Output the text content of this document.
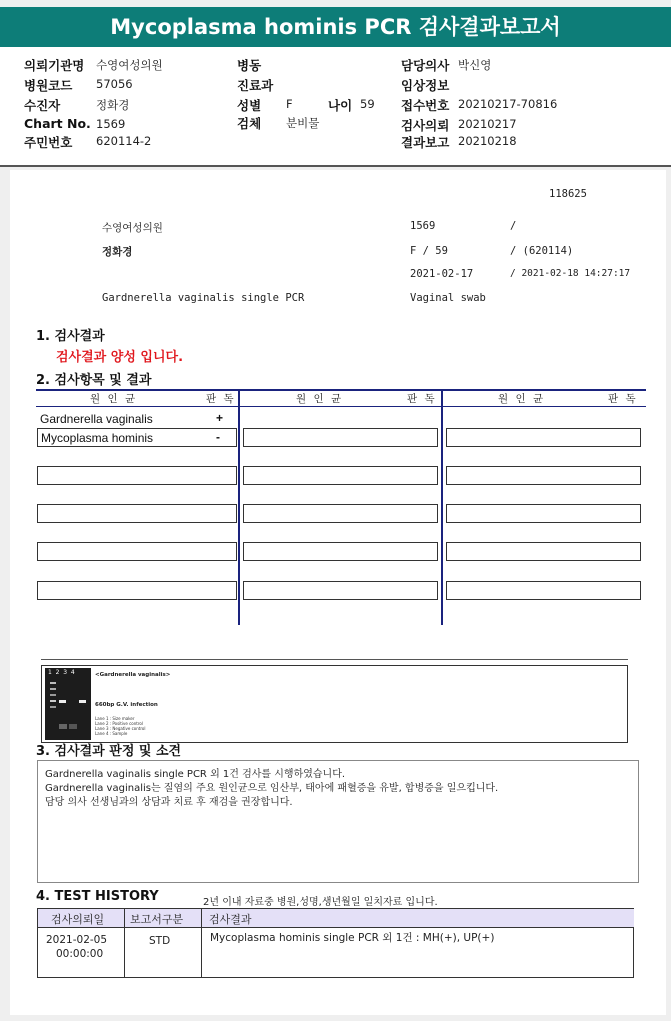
Mycoplasma hominis PCR 검사결과보고서
의뢰기관명 수영여성의원
병원코드 57056
수진자	정화경
Chart No. 1569
주민번호 620114-2
병동
진료과
성별 F	나이 59
검체 분비물
담당의사 박신영
임상정보
접수번호 20210217-70816
검사의뢰 20210217
결과보고 20210218
118625
수영여성의원	1569	/
정화경	F / 59	/ (620114)
2021-02-17	/ 2021-02-18 14:27:17
Gardnerella vaginalis single PCR	Vaginal swab
1. 검사결과
검사결과 양성 입니다.
2. 검사항목 및 결과
원 인 균	판 독	원 인 균	판 독	원 인 균	판 독
Gardnerella vaginalis	+
Mycoplasma hominis	-
1  2  3  4	<Gardnerella vaginalis>
← 660bp G.V. infection
Lane 1 : Size maker
Lane 2 : Positive control
Lane 3 : Negative control
Lane 4 : Sample
3. 검사결과 판정 및 소견
Gardnerella vaginalis single PCR 외 1건 검사를 시행하였습니다.
Gardnerella vaginalis는 질염의 주요 원인균으로 임산부, 태아에 패혈증을 유발, 합병증을 일으킵니다.
담당 의사 선생님과의 상담과 치료 후 재검을 권장합니다.
4. TEST HISTORY	2년 이내 자료중 병원,성명,생년월일 일치자료 입니다.
검사의뢰일 보고서구분 검사결과
2021-02-05
00:00:00
STD	Mycoplasma hominis single PCR 외 1건 : MH(+), UP(+)
